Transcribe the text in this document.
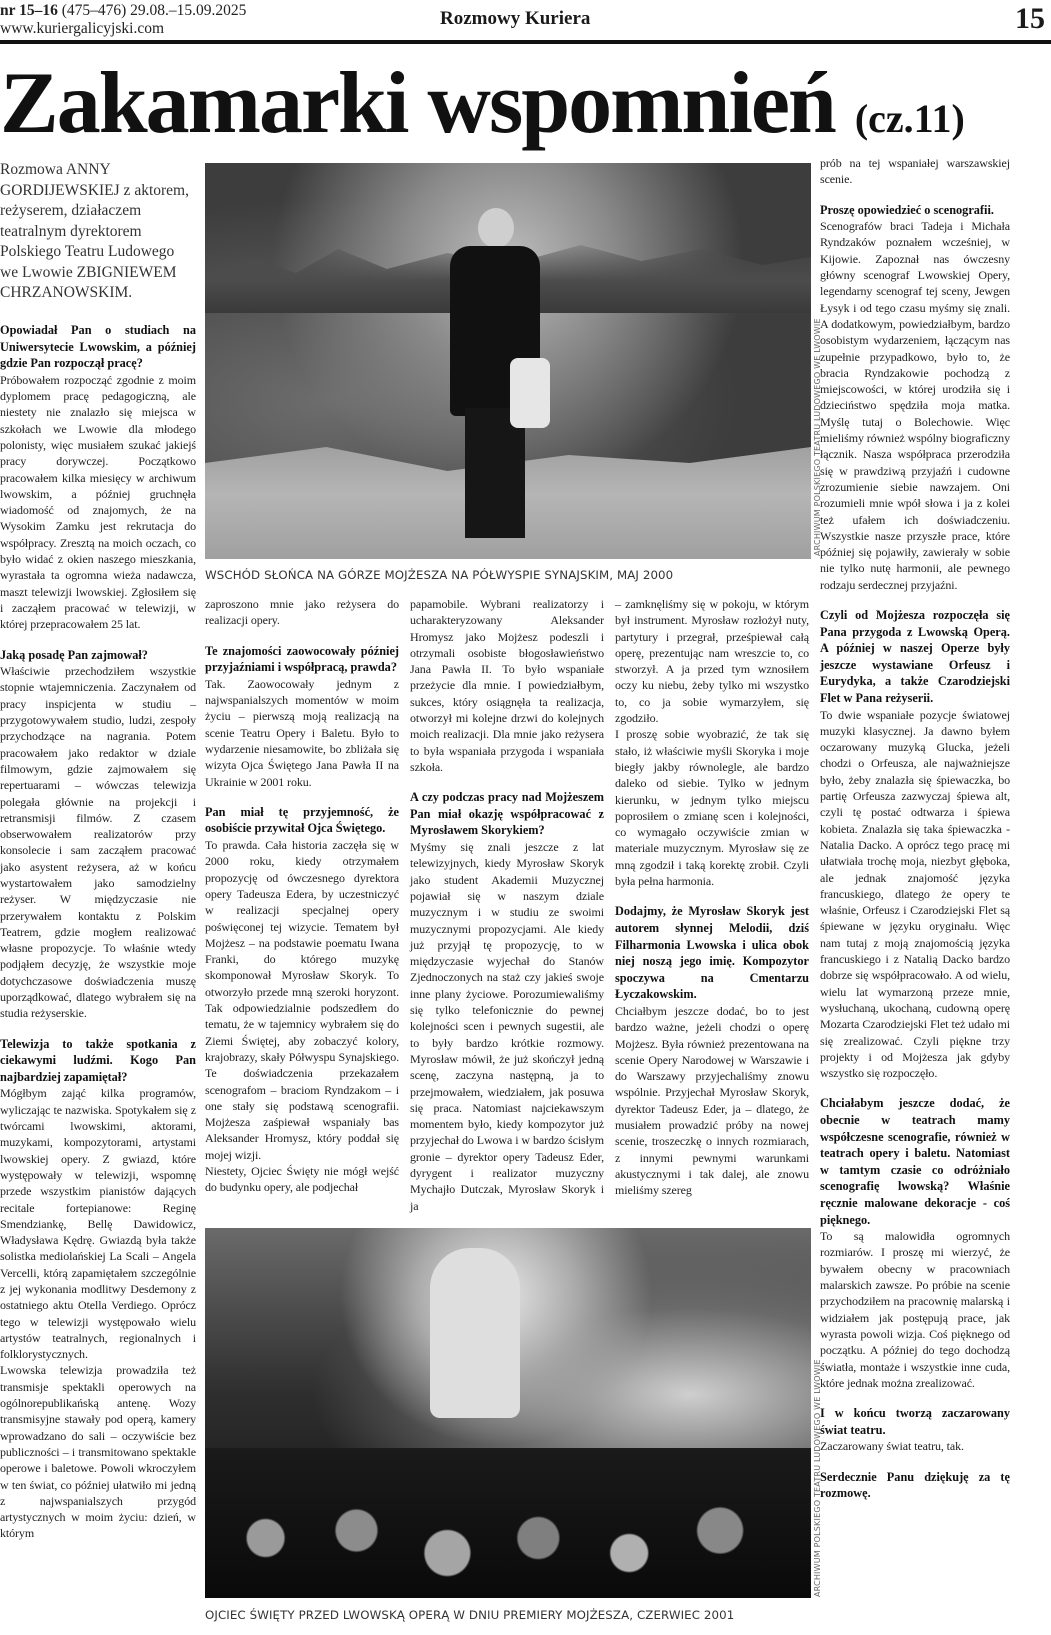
nr 15–16 (475–476) 29.08.–15.09.2025
www.kuriergalicyjski.com	Rozmowy Kuriera	15
Zakamarki wspomnień (cz.11)
Rozmowa ANNY GORDIJEWSKIEJ z aktorem, reżyserem, działaczem teatralnym dyrektorem Polskiego Teatru Ludowego we Lwowie ZBIGNIEWEM CHRZANOWSKIM.

Opowiadał Pan o studiach na Uniwersytecie Lwowskim, a później gdzie Pan rozpoczął pracę?

Próbowałem rozpocząć zgodnie z moim dyplomem pracę pedagogiczną, ale niestety nie znalazło się miejsca w szkołach we Lwowie dla młodego polonisty, więc musiałem szukać jakiejś pracy dorywczej. Początkowo pracowałem kilka miesięcy w archiwum lwowskim, a później gruchnęła wiadomość od znajomych, że na Wysokim Zamku jest rekrutacja do współpracy. Zresztą na moich oczach, co było widać z okien naszego mieszkania, wyrastała ta ogromna wieża nadawcza, maszt telewizji lwowskiej. Zgłosiłem się i zacząłem pracować w telewizji, w której przepracowałem 25 lat.

Jaką posadę Pan zajmował?

Właściwie przechodziłem wszystkie stopnie wtajemniczenia. Zaczynałem od pracy inspicjenta w studiu – przygotowywałem studio, ludzi, zespoły przychodzące na nagrania. Potem pracowałem jako redaktor w dziale filmowym, gdzie zajmowałem się repertuarami – wówczas telewizja polegała głównie na projekcji i retransmisji filmów. Z czasem obserwowałem realizatorów przy konsolecie i sam zacząłem pracować jako asystent reżysera, aż w końcu wystartowałem jako samodzielny reżyser. W międzyczasie nie przerywałem kontaktu z Polskim Teatrem, gdzie mogłem realizować własne propozycje. To właśnie wtedy podjąłem decyzję, że wszystkie moje dotychczasowe doświadczenia muszę uporządkować, dlatego wybrałem się na studia reżyserskie.

Telewizja to także spotkania z ciekawymi ludźmi. Kogo Pan najbardziej zapamiętał?

Mógłbym zająć kilka programów, wyliczając te nazwiska. Spotykałem się z twórcami lwowskimi, aktorami, muzykami, kompozytorami, artystami lwowskiej opery. Z gwiazd, które występowały w telewizji, wspomnę przede wszystkim pianistów dających recitale fortepianowe: Reginę Smendziankę, Bellę Dawidowicz, Władysława Kędrę. Gwiazdą była także solistka mediolańskiej La Scali – Angela Vercelli, którą zapamiętałem szczególnie z jej wykonania modlitwy Desdemony z ostatniego aktu Otella Verdiego. Oprócz tego w telewizji występowało wielu artystów teatralnych, regionalnych i folklorystycznych.

Lwowska telewizja prowadziła też transmisje spektakli operowych na ogólnorepublikańską antenę. Wozy transmisyjne stawały pod operą, kamery wprowadzano do sali – oczywiście bez publiczności – i transmitowano spektakle operowe i baletowe. Powoli wkroczyłem w ten świat, co później ułatwiło mi jedną z najwspanialszych przygód artystycznych w moim życiu: dzień, w którym

ARCHIWUM POLSKIEGO TEATRU LUDOWEGO WE LWOWIE
WSCHÓD SŁOŃCA NA GÓRZE MOJŻESZA NA PÓŁWYSPIE SYNAJSKIM, MAJ 2000

zaproszono mnie jako reżysera do realizacji opery.

Te znajomości zaowocowały później przyjaźniami i współpracą, prawda?

Tak. Zaowocowały jednym z najwspanialszych momentów w moim życiu – pierwszą moją realizacją na scenie Teatru Opery i Baletu. Było to wydarzenie niesamowite, bo zbliżała się wizyta Ojca Świętego Jana Pawła II na Ukrainie w 2001 roku.

Pan miał tę przyjemność, że osobiście przywitał Ojca Świętego.

To prawda. Cała historia zaczęła się w 2000 roku, kiedy otrzymałem propozycję od ówczesnego dyrektora opery Tadeusza Edera, by uczestniczyć w realizacji specjalnej opery poświęconej tej wizycie. Tematem był Mojżesz – na podstawie poematu Iwana Franki, do którego muzykę skomponował Myrosław Skoryk. To otworzyło przede mną szeroki horyzont. Tak odpowiedzialnie podszedłem do tematu, że w tajemnicy wybrałem się do Ziemi Świętej, aby zobaczyć kolory, krajobrazy, skały Półwyspu Synajskiego. Te doświadczenia przekazałem scenografom – braciom Ryndzakom – i one stały się podstawą scenografii. Mojżesza zaśpiewał wspaniały bas Aleksander Hromysz, który poddał się mojej wizji.

Niestety, Ojciec Święty nie mógł wejść do budynku opery, ale podjechał

papamobile. Wybrani realizatorzy i ucharakteryzowany Aleksander Hromysz jako Mojżesz podeszli i otrzymali osobiste błogosławieństwo Jana Pawła II. To było wspaniałe przeżycie dla mnie. I powiedziałbym, sukces, który osiągnęła ta realizacja, otworzył mi kolejne drzwi do kolejnych moich realizacji. Dla mnie jako reżysera to była wspaniała przygoda i wspaniała szkoła.

A czy podczas pracy nad Mojżeszem Pan miał okazję współpracować z Myrosławem Skorykiem?

Myśmy się znali jeszcze z lat telewizyjnych, kiedy Myrosław Skoryk jako student Akademii Muzycznej pojawiał się w naszym dziale muzycznym i w studiu ze swoimi muzycznymi propozycjami. Ale kiedy już przyjął tę propozycję, to w międzyczasie wyjechał do Stanów Zjednoczonych na staż czy jakieś swoje inne plany życiowe. Porozumiewaliśmy się tylko telefonicznie do pewnej kolejności scen i pewnych sugestii, ale to były bardzo krótkie rozmowy. Myrosław mówił, że już skończył jedną scenę, zaczyna następną, ja to przejmowałem, wiedziałem, jak posuwa się praca. Natomiast najciekawszym momentem było, kiedy kompozytor już przyjechał do Lwowa i w bardzo ścisłym gronie – dyrektor opery Tadeusz Eder, dyrygent i realizator muzyczny Mychajło Dutczak, Myrosław Skoryk i ja

– zamknęliśmy się w pokoju, w którym był instrument. Myrosław rozłożył nuty, partytury i przegrał, prześpiewał całą operę, prezentując nam wreszcie to, co stworzył. A ja przed tym wznosiłem oczy ku niebu, żeby tylko mi wszystko to, co ja sobie wymarzyłem, się zgodziło.

I proszę sobie wyobrazić, że tak się stało, iż właściwie myśli Skoryka i moje biegły jakby równolegle, ale bardzo daleko od siebie. Tylko w jednym kierunku, w jednym tylko miejscu poprosiłem o zmianę scen i kolejności, co wymagało oczywiście zmian w materiale muzycznym. Myrosław się ze mną zgodził i taką korektę zrobił. Czyli była pełna harmonia.

Dodajmy, że Myrosław Skoryk jest autorem słynnej Melodii, dziś Filharmonia Lwowska i ulica obok niej noszą jego imię. Kompozytor spoczywa na Cmentarzu Łyczakowskim.

Chciałbym jeszcze dodać, bo to jest bardzo ważne, jeżeli chodzi o operę Mojżesz. Była również prezentowana na scenie Opery Narodowej w Warszawie i do Warszawy przyjechaliśmy znowu wspólnie. Przyjechał Myrosław Skoryk, dyrektor Tadeusz Eder, ja – dlatego, że musiałem prowadzić próby na nowej scenie, troszeczkę o innych rozmiarach, z innymi pewnymi warunkami akustycznymi i tak dalej, ale znowu mieliśmy szereg

ARCHIWUM POLSKIEGO TEATRU LUDOWEGO WE LWOWIE
OJCIEC ŚWIĘTY PRZED LWOWSKĄ OPERĄ W DNIU PREMIERY MOJŻESZA, CZERWIEC 2001

prób na tej wspaniałej warszawskiej scenie.

Proszę opowiedzieć o scenografii.

Scenografów braci Tadeja i Michała Ryndzaków poznałem wcześniej, w Kijowie. Zapoznał nas ówczesny główny scenograf Lwowskiej Opery, legendarny scenograf tej sceny, Jewgen Łysyk i od tego czasu myśmy się znali. A dodatkowym, powiedziałbym, bardzo osobistym wydarzeniem, łączącym nas zupełnie przypadkowo, było to, że bracia Ryndzakowie pochodzą z miejscowości, w której urodziła się i dzieciństwo spędziła moja matka. Myślę tutaj o Bolechowie. Więc mieliśmy również wspólny biograficzny łącznik. Nasza współpraca przerodziła się w prawdziwą przyjaźń i cudowne zrozumienie siebie nawzajem. Oni rozumieli mnie wpół słowa i ja z kolei też ufałem ich doświadczeniu. Wszystkie nasze przyszłe prace, które później się pojawiły, zawierały w sobie nie tylko nutę harmonii, ale pewnego rodzaju serdecznej przyjaźni.

Czyli od Mojżesza rozpoczęła się Pana przygoda z Lwowską Operą. A później w naszej Operze były jeszcze wystawiane Orfeusz i Eurydyka, a także Czarodziejski Flet w Pana reżyserii.

To dwie wspaniałe pozycje światowej muzyki klasycznej. Ja dawno byłem oczarowany muzyką Glucka, jeżeli chodzi o Orfeusza, ale najważniejsze było, żeby znalazła się śpiewaczka, bo partię Orfeusza zazwyczaj śpiewa alt, czyli tę postać odtwarza i śpiewa kobieta. Znalazła się taka śpiewaczka - Natalia Dacko. A oprócz tego pracę mi ułatwiała trochę moja, niezbyt głęboka, ale jednak znajomość języka francuskiego, dlatego że opery te właśnie, Orfeusz i Czarodziejski Flet są śpiewane w języku oryginału. Więc nam tutaj z moją znajomością języka francuskiego i z Natalią Dacko bardzo dobrze się współpracowało. A od wielu, wielu lat wymarzoną przeze mnie, wysłuchaną, ukochaną, cudowną operę Mozarta Czarodziejski Flet też udało mi się zrealizować. Czyli piękne trzy projekty i od Mojżesza jak gdyby wszystko się rozpoczęło.

Chciałabym jeszcze dodać, że obecnie w teatrach mamy współczesne scenografie, również w teatrach opery i baletu. Natomiast w tamtym czasie co odróżniało scenografię lwowską? Właśnie ręcznie malowane dekoracje - coś pięknego.

To są malowidła ogromnych rozmiarów. I proszę mi wierzyć, że bywałem obecny w pracowniach malarskich zawsze. Po próbie na scenie przychodziłem na pracownię malarską i widziałem jak postępują prace, jak wyrasta powoli wizja. Coś pięknego od początku. A później do tego dochodzą światła, montaże i wszystkie inne cuda, które jednak można zrealizować.

I w końcu tworzą zaczarowany świat teatru.

Zaczarowany świat teatru, tak.

Serdecznie Panu dziękuję za tę rozmowę.
